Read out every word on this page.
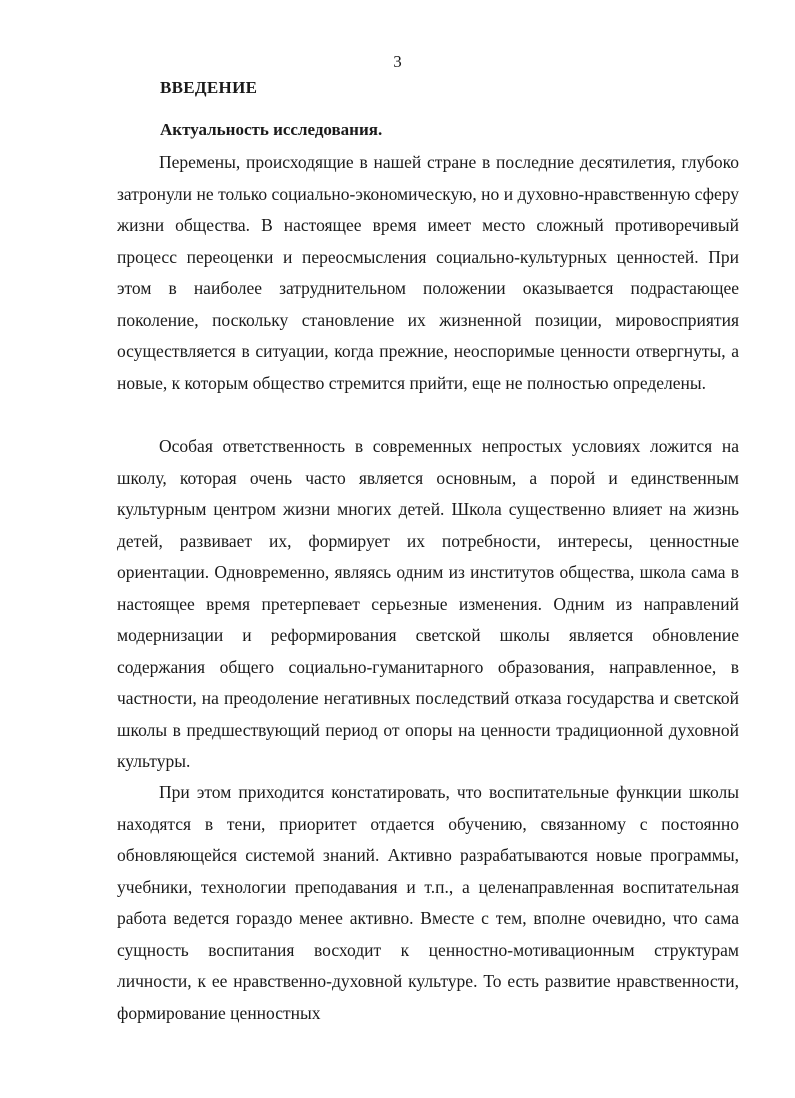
3
ВВЕДЕНИЕ
Актуальность исследования.

Перемены, происходящие в нашей стране в последние десятилетия, глубоко затронули не только социально-экономическую, но и духовно-нравственную сферу жизни общества. В настоящее время имеет место сложный противоречивый процесс переоценки и переосмысления социально-культурных ценностей. При этом в наиболее затруднительном положении оказывается подрастающее поколение, поскольку становление их жизненной позиции, мировосприятия осуществляется в ситуации, когда прежние, неоспоримые ценности отвергнуты, а новые, к которым общество стремится прийти, еще не полностью определены.

Особая ответственность в современных непростых условиях ложится на школу, которая очень часто является основным, а порой и единственным культурным центром жизни многих детей. Школа существенно влияет на жизнь детей, развивает их, формирует их потребности, интересы, ценностные ориентации. Одновременно, являясь одним из институтов общества, школа сама в настоящее время претерпевает серьезные изменения. Одним из направлений модернизации и реформирования светской школы является обновление содержания общего социально-гуманитарного образования, направленное, в частности, на преодоление негативных последствий отказа государства и светской школы в предшествующий период от опоры на ценности традиционной духовной культуры.

При этом приходится констатировать, что воспитательные функции школы находятся в тени, приоритет отдается обучению, связанному с постоянно обновляющейся системой знаний. Активно разрабатываются новые программы, учебники, технологии преподавания и т.п., а целенаправленная воспитательная работа ведется гораздо менее активно. Вместе с тем, вполне очевидно, что сама сущность воспитания восходит к ценностно-мотивационным структурам личности, к ее нравственно-духовной культуре. То есть развитие нравственности, формирование ценностных
